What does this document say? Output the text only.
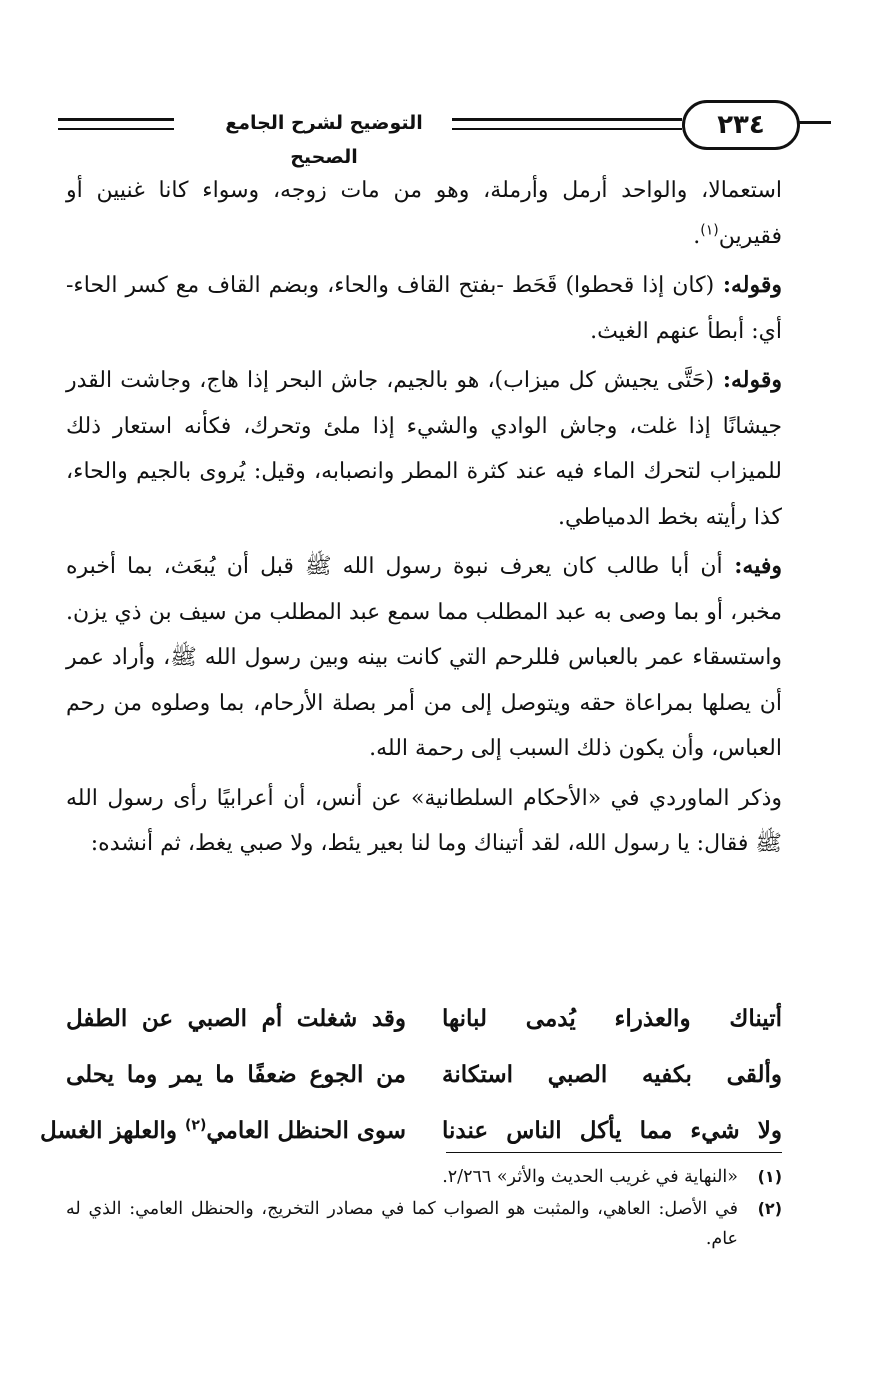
التوضيح لشرح الجامع الصحيح
٢٣٤

استعمالا، والواحد أرمل وأرملة، وهو من مات زوجه، وسواء كانا غنيين أو فقيرين$^{(١)}$.

وقوله: (كان إذا قحطوا) قَحَط -بفتح القاف والحاء، وبضم القاف مع كسر الحاء- أي: أبطأ عنهم الغيث.

وقوله: (حَتَّى يجيش كل ميزاب)، هو بالجيم، جاش البحر إذا هاج، وجاشت القدر جيشانًا إذا غلت، وجاش الوادي والشيء إذا ملئ وتحرك، فكأنه استعار ذلك للميزاب لتحرك الماء فيه عند كثرة المطر وانصبابه، وقيل: يُروى بالجيم والحاء، كذا رأيته بخط الدمياطي.

وفيه: أن أبا طالب كان يعرف نبوة رسول الله ﷺ قبل أن يُبعَث، بما أخبره مخبر، أو بما وصى به عبد المطلب مما سمع عبد المطلب من سيف بن ذي يزن. واستسقاء عمر بالعباس فللرحم التي كانت بينه وبين رسول الله ﷺ، وأراد عمر أن يصلها بمراعاة حقه ويتوصل إلى من أمر بصلة الأرحام، بما وصلوه من رحم العباس، وأن يكون ذلك السبب إلى رحمة الله.

وذكر الماوردي في «الأحكام السلطانية» عن أنس، أن أعرابيًا رأى رسول الله ﷺ فقال: يا رسول الله، لقد أتيناك وما لنا بعير يئط، ولا صبي يغط، ثم أنشده:

أتيناك والعذراء يُدمى لبانها
وقد شغلت أم الصبي عن الطفل
وألقى بكفيه الصبي استكانة
من الجوع ضعفًا ما يمر وما يحلى
ولا شيء مما يأكل الناس عندنا
سوى الحنظل العامي$^{(٢)}$ والعلهز الغسل
(١)
«النهاية في غريب الحديث والأثر» ٢/٢٦٦.
(٢)
في الأصل: العاهي، والمثبت هو الصواب كما في مصادر التخريج، والحنظل العامي: الذي له عام.
